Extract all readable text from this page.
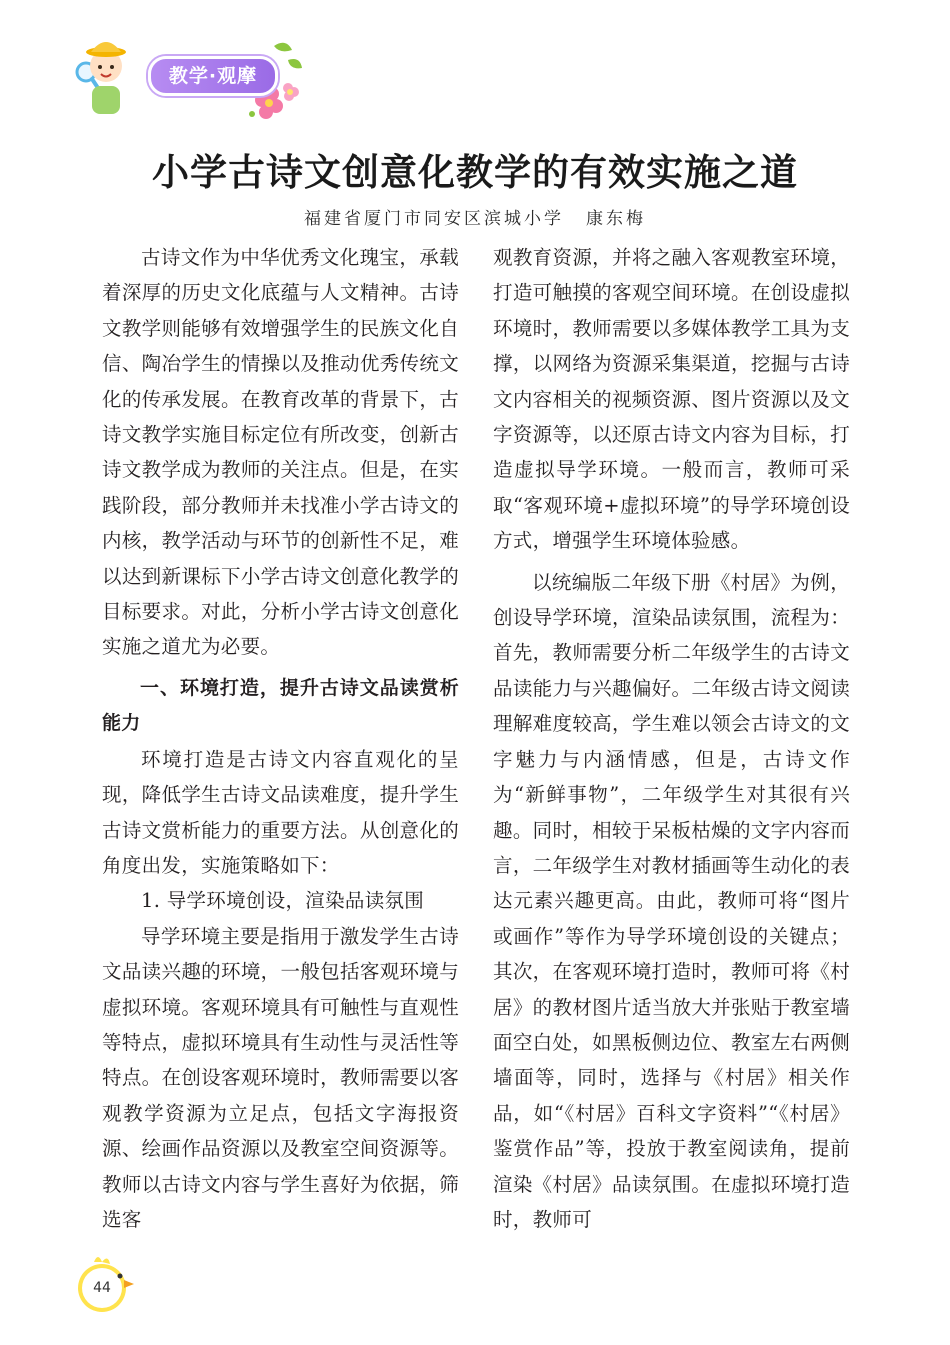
教学·观摩
小学古诗文创意化教学的有效实施之道
福建省厦门市同安区滨城小学 康东梅

古诗文作为中华优秀文化瑰宝，承载着深厚的历史文化底蕴与人文精神。古诗文教学则能够有效增强学生的民族文化自信、陶冶学生的情操以及推动优秀传统文化的传承发展。在教育改革的背景下，古诗文教学实施目标定位有所改变，创新古诗文教学成为教师的关注点。但是，在实践阶段，部分教师并未找准小学古诗文的内核，教学活动与环节的创新性不足，难以达到新课标下小学古诗文创意化教学的目标要求。对此，分析小学古诗文创意化实施之道尤为必要。

一、环境打造，提升古诗文品读赏析能力

环境打造是古诗文内容直观化的呈现，降低学生古诗文品读难度，提升学生古诗文赏析能力的重要方法。从创意化的角度出发，实施策略如下：

1. 导学环境创设，渲染品读氛围

导学环境主要是指用于激发学生古诗文品读兴趣的环境，一般包括客观环境与虚拟环境。客观环境具有可触性与直观性等特点，虚拟环境具有生动性与灵活性等特点。在创设客观环境时，教师需要以客观教学资源为立足点，包括文字海报资源、绘画作品资源以及教室空间资源等。教师以古诗文内容与学生喜好为依据，筛选客

观教育资源，并将之融入客观教室环境，打造可触摸的客观空间环境。在创设虚拟环境时，教师需要以多媒体教学工具为支撑，以网络为资源采集渠道，挖掘与古诗文内容相关的视频资源、图片资源以及文字资源等，以还原古诗文内容为目标，打造虚拟导学环境。一般而言，教师可采取“客观环境+虚拟环境”的导学环境创设方式，增强学生环境体验感。

以统编版二年级下册《村居》为例，创设导学环境，渲染品读氛围，流程为：首先，教师需要分析二年级学生的古诗文品读能力与兴趣偏好。二年级古诗文阅读理解难度较高，学生难以领会古诗文的文字魅力与内涵情感，但是，古诗文作为“新鲜事物”，二年级学生对其很有兴趣。同时，相较于呆板枯燥的文字内容而言，二年级学生对教材插画等生动化的表达元素兴趣更高。由此，教师可将“图片或画作”等作为导学环境创设的关键点；其次，在客观环境打造时，教师可将《村居》的教材图片适当放大并张贴于教室墙面空白处，如黑板侧边位、教室左右两侧墙面等，同时，选择与《村居》相关作品，如“《村居》百科文字资料”“《村居》鉴赏作品”等，投放于教室阅读角，提前渲染《村居》品读氛围。在虚拟环境打造时，教师可

44
